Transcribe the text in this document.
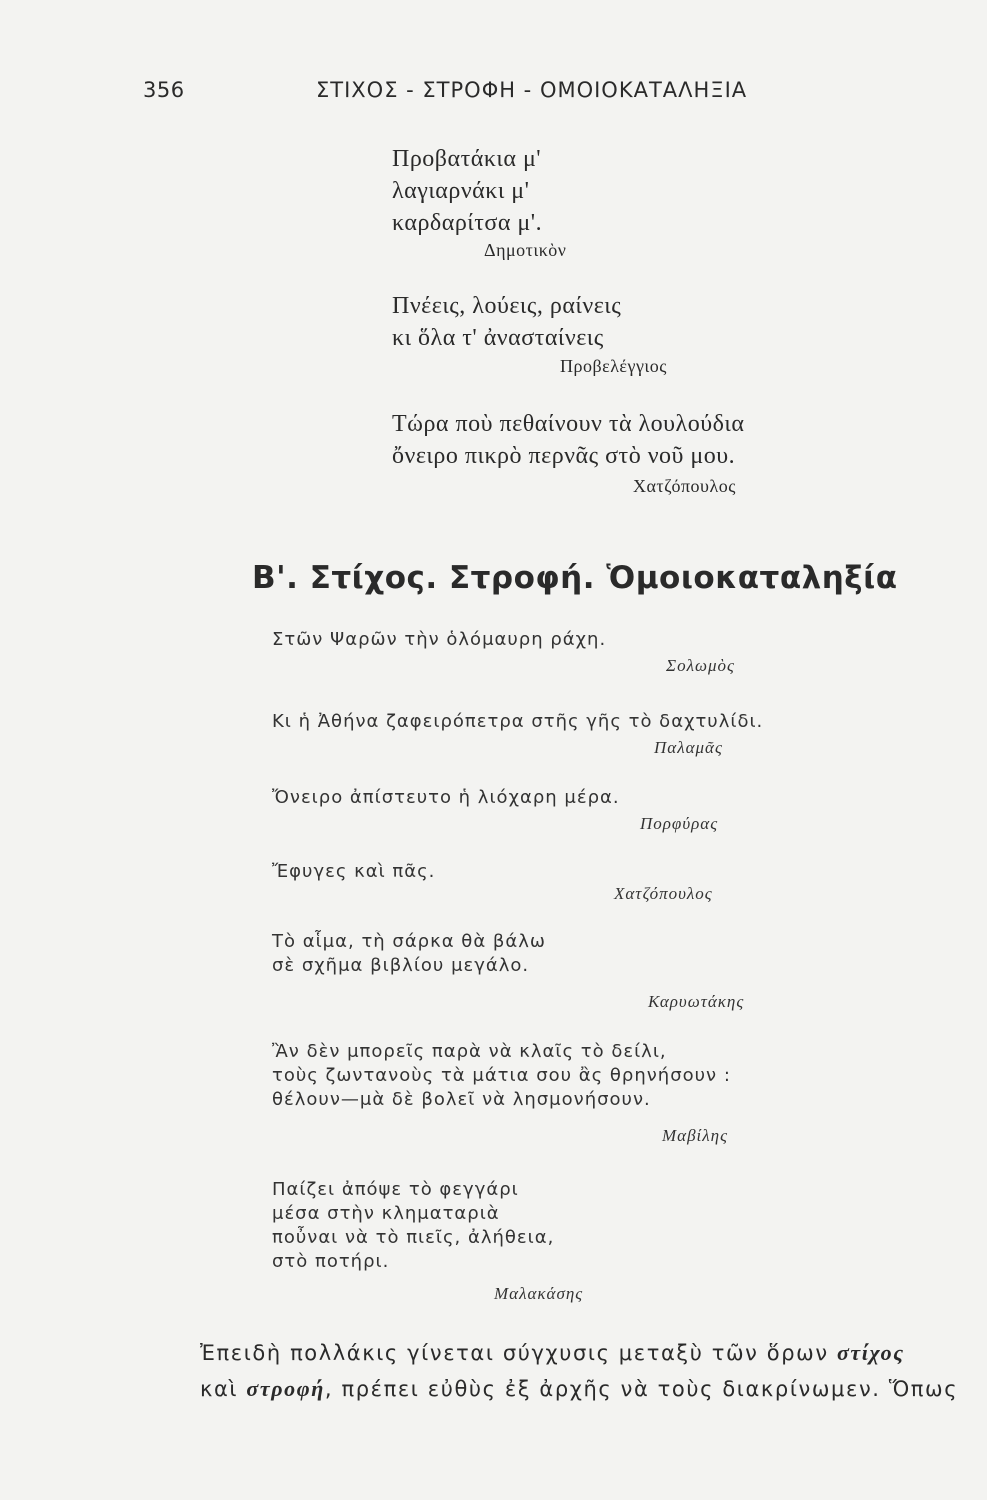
356	ΣΤΙΧΟΣ - ΣΤΡΟΦΗ - ΟΜΟΙΟΚΑΤΑΛΗΞΙΑ
Προβατάκια μ'
λαγιαρνάκι μ'
καρδαρίτσα μ'.
Δημοτικὸν
Πνέεις, λούεις, ραίνεις
κι ὅλα τ' ἀνασταίνεις
Προβελέγγιος
Τώρα ποὺ πεθαίνουν τὰ λουλούδια
ὄνειρο πικρὸ περνᾶς στὸ νοῦ μου.
Χατζόπουλος
Β'. Στίχος. Στροφή. Ὁμοιοκαταληξία
Στῶν Ψαρῶν τὴν ὁλόμαυρη ράχη.
Σολωμὸς
Κι ἡ Ἀθήνα ζαφειρόπετρα στῆς γῆς τὸ δαχτυλίδι.
Παλαμᾶς
Ὄνειρο ἀπίστευτο ἡ λιόχαρη μέρα.
Πορφύρας
Ἔφυγες καὶ πᾶς.
Χατζόπουλος
Τὸ αἷμα, τὴ σάρκα θὰ βάλω
σὲ σχῆμα βιβλίου μεγάλο.
Καρυωτάκης
Ἂν δὲν μπορεῖς παρὰ νὰ κλαῖς τὸ δείλι,
τοὺς ζωντανοὺς τὰ μάτια σου ἂς θρηνήσουν :
θέλουν—μὰ δὲ βολεῖ νὰ λησμονήσουν.
Μαβίλης
Παίζει ἀπόψε τὸ φεγγάρι
μέσα στὴν κληματαριὰ
ποὖναι νὰ τὸ πιεῖς, ἀλήθεια,
στὸ ποτήρι.
Μαλακάσης
Ἐπειδὴ πολλάκις γίνεται σύγχυσις μεταξὺ τῶν ὅρων στίχος
καὶ στροφή, πρέπει εὐθὺς ἐξ ἀρχῆς νὰ τοὺς διακρίνωμεν. Ὅπως
